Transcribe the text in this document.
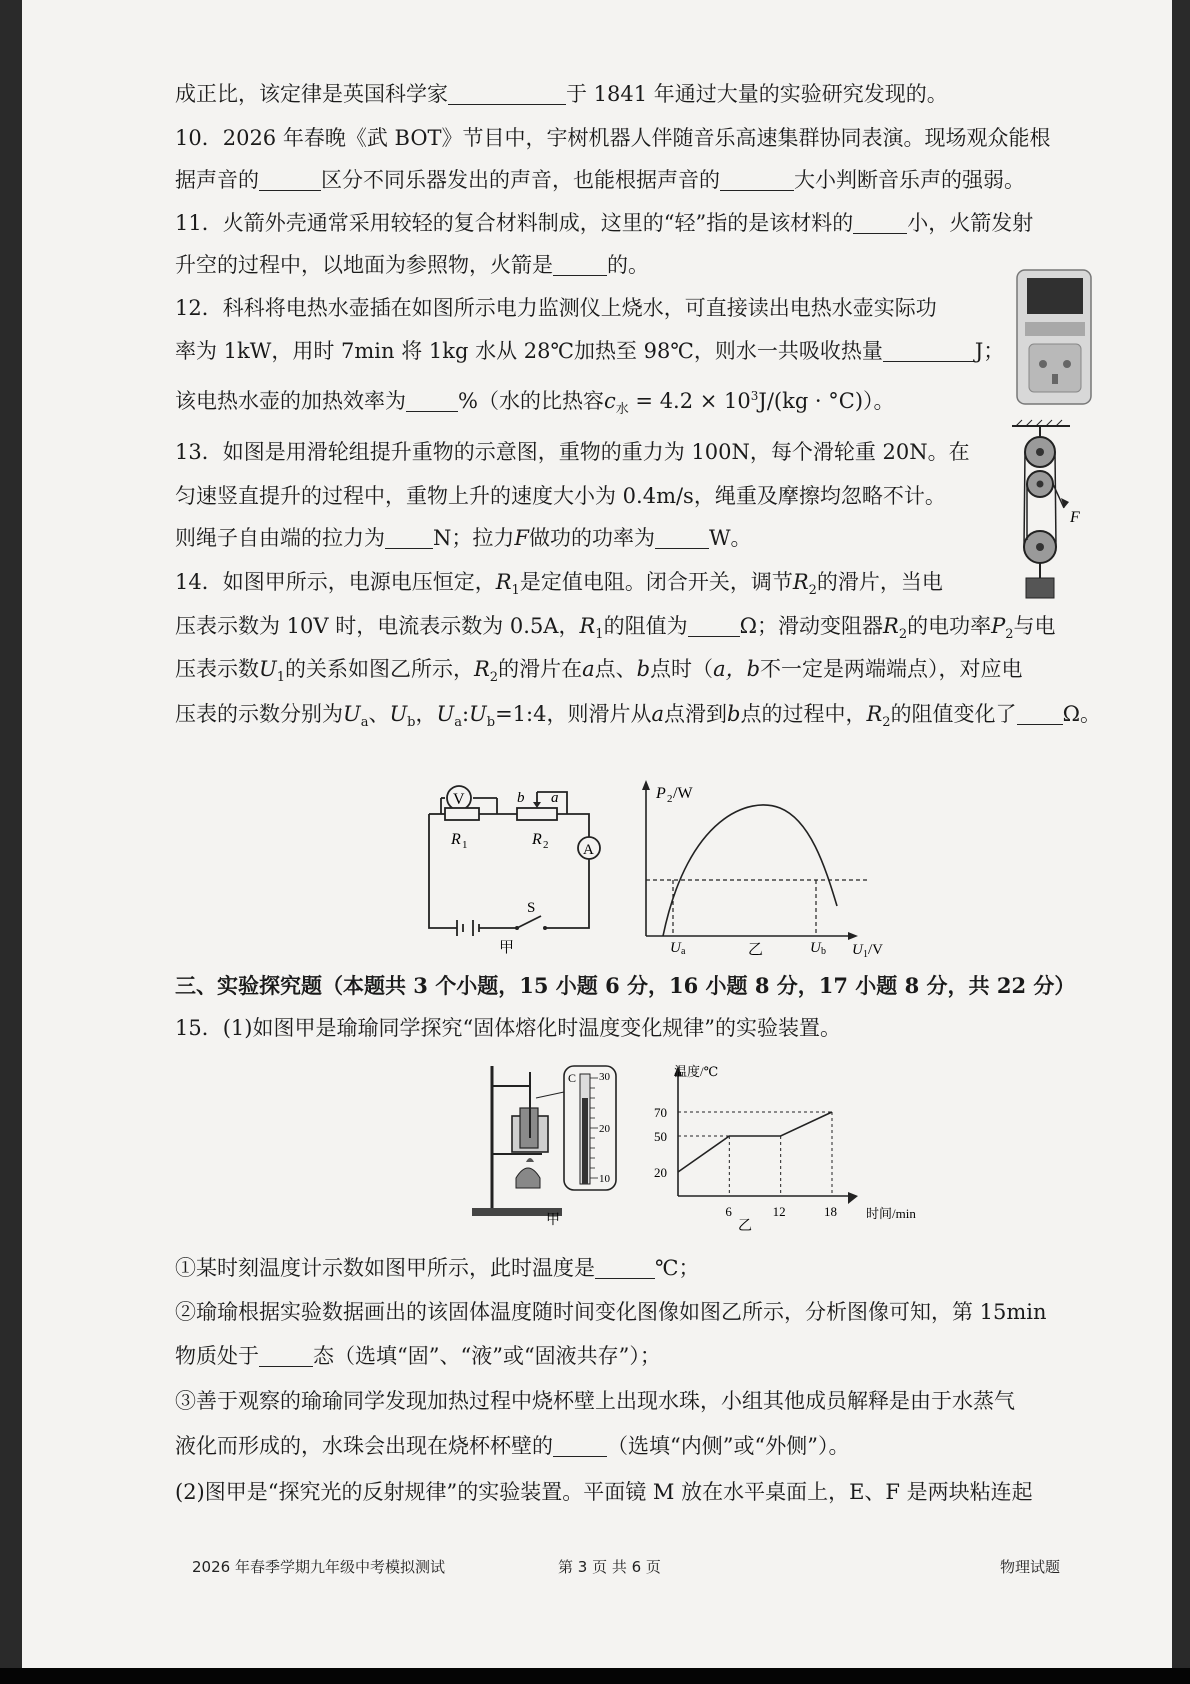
成正比，该定律是英国科学家	于 1841 年通过大量的实验研究发现的。
10．2026 年春晚《武 BOT》节目中，宇树机器人伴随音乐高速集群协同表演。现场观众能根
据声音的	区分不同乐器发出的声音，也能根据声音的	大小判断音乐声的强弱。
11．火箭外壳通常采用较轻的复合材料制成，这里的“轻”指的是该材料的	小，火箭发射
升空的过程中，以地面为参照物，火箭是	的。
12．科科将电热水壶插在如图所示电力监测仪上烧水，可直接读出电热水壶实际功
率为 1kW，用时 7min 将 1kg 水从 28℃加热至 98℃，则水一共吸收热量	J；
该电热水壶的加热效率为 %（水的比热容$c_水 = 4.2 \times 10^3J/(kg \cdot ^\circ C)$）。
13．如图是用滑轮组提升重物的示意图，重物的重力为 100N，每个滑轮重 20N。在
匀速竖直提升的过程中，重物上升的速度大小为 0.4m/s，绳重及摩擦均忽略不计。
则绳子自由端的拉力为 N；拉力F做功的功率为	W。
14．如图甲所示，电源电压恒定，$R_1$是定值电阻。闭合开关，调节$R_2$的滑片，当电
压表示数为 10V 时，电流表示数为 0.5A，$R_1$的阻值为 Ω；滑动变阻器$R_2$的电功率$P_2$与电
压表示数$U_1$的关系如图乙所示，$R_2$的滑片在a点、b点时（a，b不一定是两端端点），对应电
压表的示数分别为$U_a$、$U_b$，$U_a:U_b=1:4$，则滑片从a点滑到b点的过程中，$R_2$的阻值变化了 Ω。
F
V
R 1
b a
R 2 A
S
甲
P 2 /W
U a	U b
乙	U 1 /V
三、实验探究题（本题共 3 个小题，15 小题 6 分，16 小题 8 分，17 小题 8 分，共 22 分）
15．(1)如图甲是瑜瑜同学探究“固体熔化时温度变化规律”的实验装置。
C 30
20
10
甲
温度/℃
70
50
20
6	12	18 时间/min
乙
①某时刻温度计示数如图甲所示，此时温度是	℃；
②瑜瑜根据实验数据画出的该固体温度随时间变化图像如图乙所示，分析图像可知，第 15min
物质处于	态（选填“固”、“液”或“固液共存”）；
③善于观察的瑜瑜同学发现加热过程中烧杯壁上出现水珠，小组其他成员解释是由于水蒸气
液化而形成的，水珠会出现在烧杯杯壁的	（选填“内侧”或“外侧”）。
(2)图甲是“探究光的反射规律”的实验装置。平面镜 M 放在水平桌面上，E、F 是两块粘连起
2026 年春季学期九年级中考模拟测试	第 3 页 共 6 页	物理试题
